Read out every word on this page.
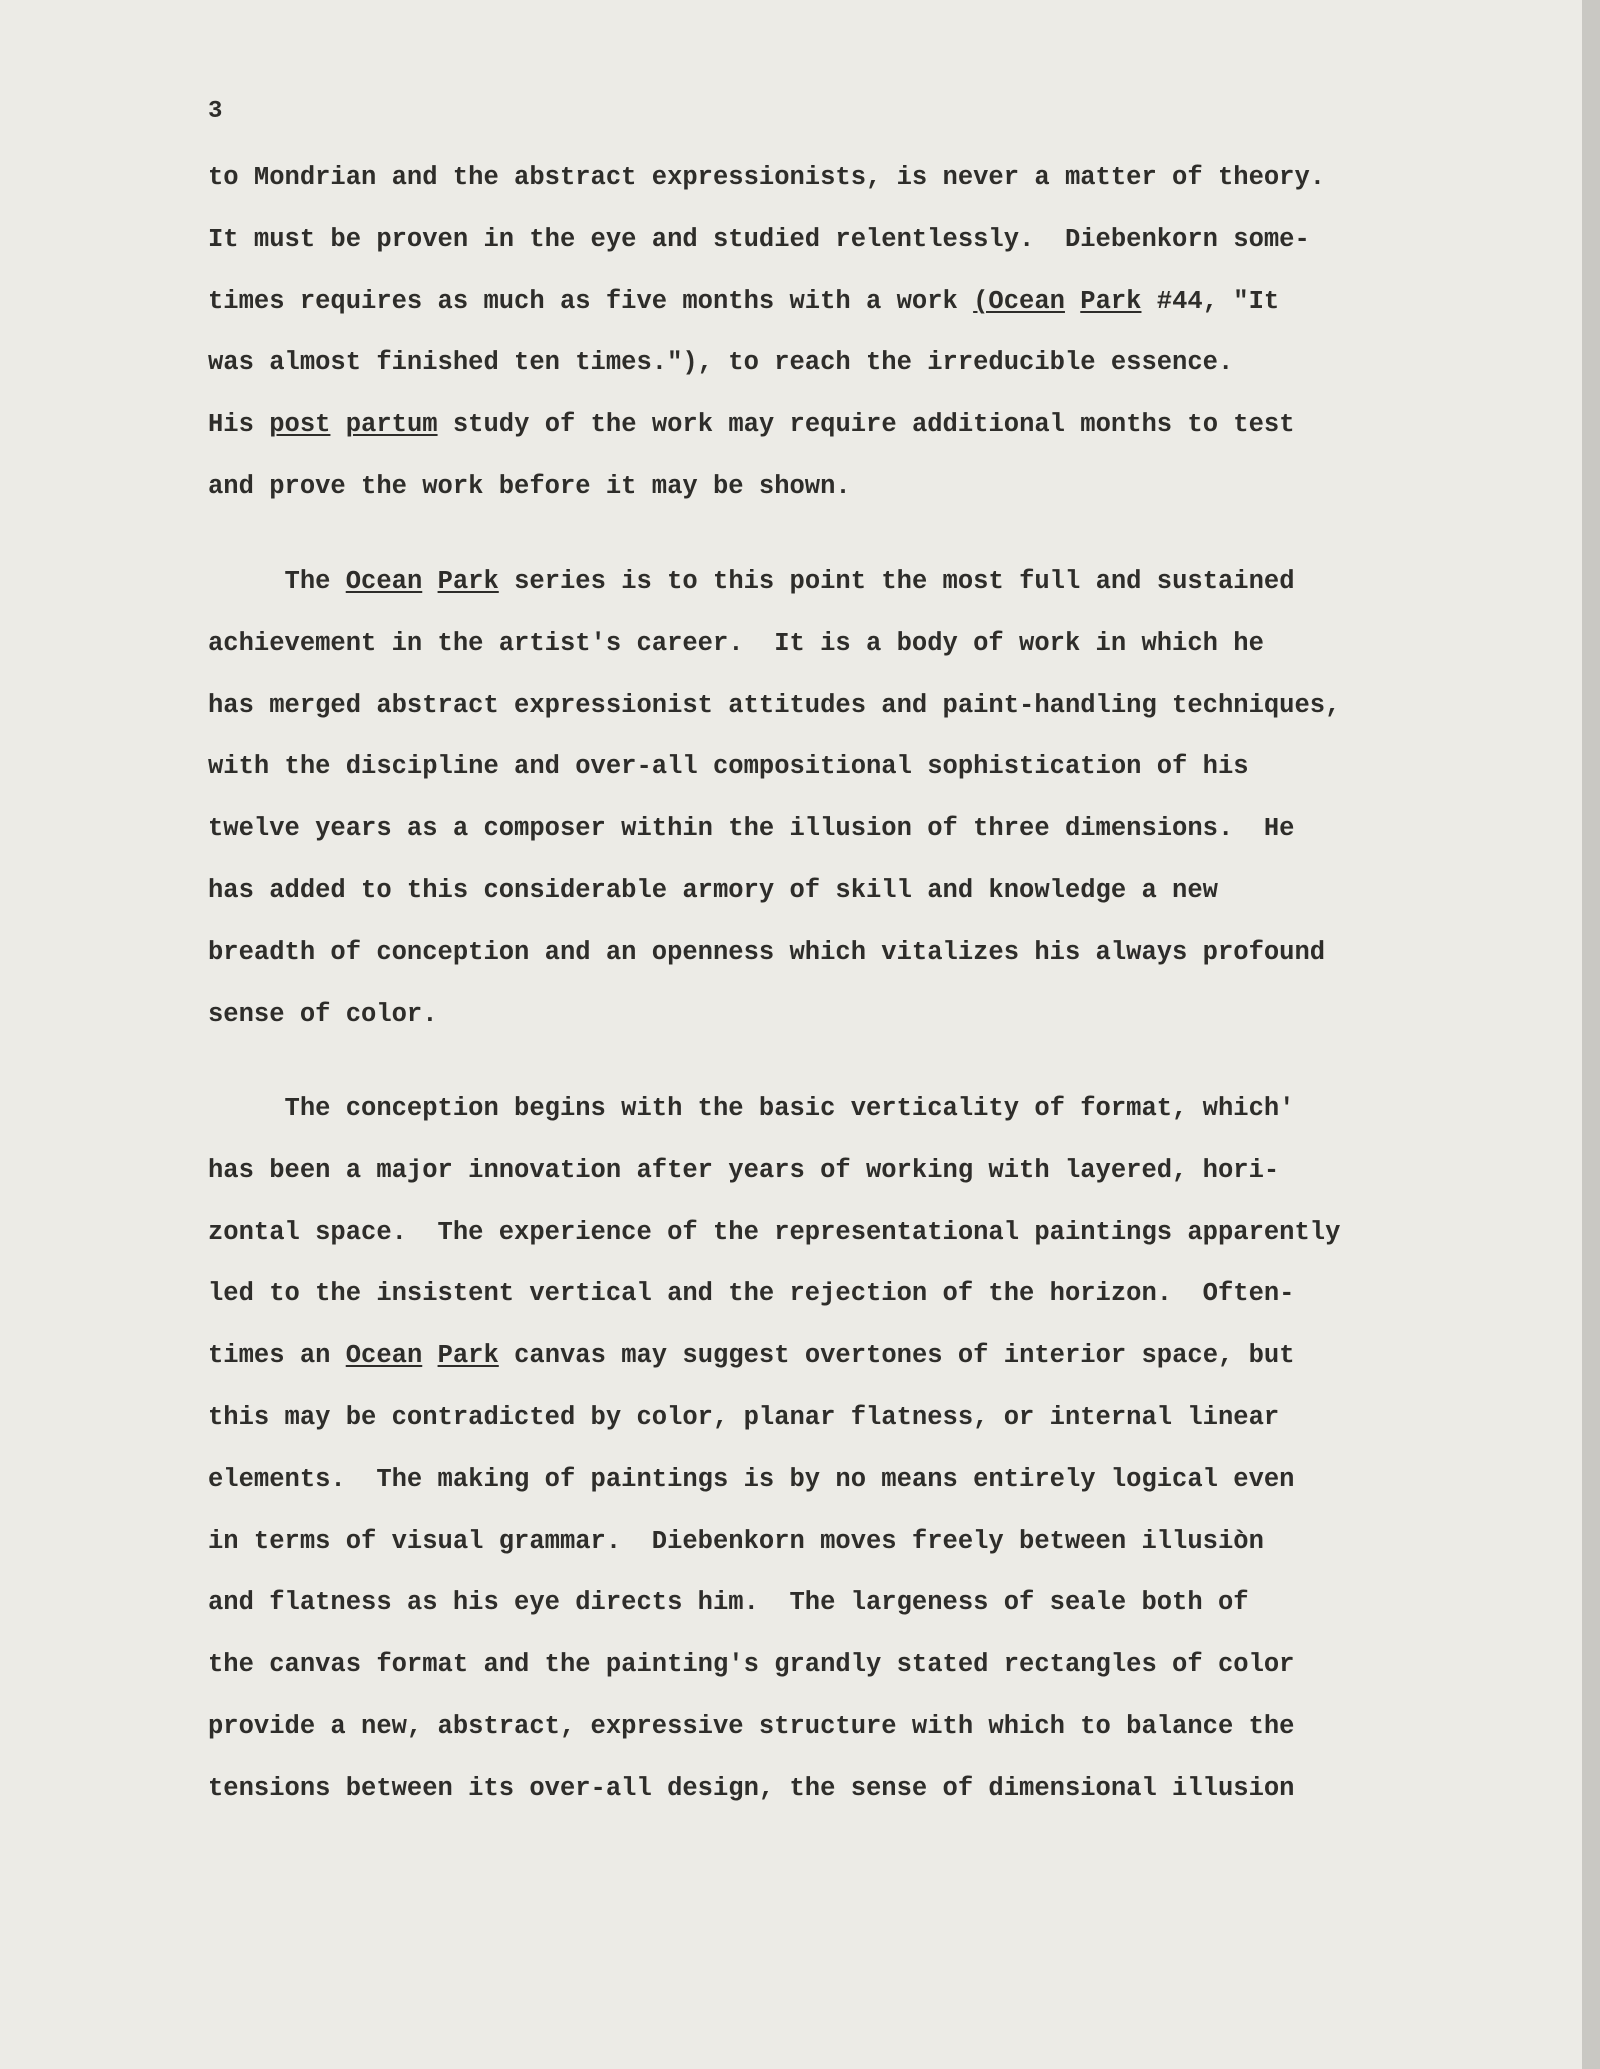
3
to Mondrian and the abstract expressionists, is never a matter of theory.
It must be proven in the eye and studied relentlessly.  Diebenkorn some-
times requires as much as five months with a work (Ocean Park #44, "It
was almost finished ten times."), to reach the irreducible essence.
His post partum study of the work may require additional months to test
and prove the work before it may be shown.
The Ocean Park series is to this point the most full and sustained
achievement in the artist's career.  It is a body of work in which he
has merged abstract expressionist attitudes and paint-handling techniques,
with the discipline and over-all compositional sophistication of his
twelve years as a composer within the illusion of three dimensions.  He
has added to this considerable armory of skill and knowledge a new
breadth of conception and an openness which vitalizes his always profound
sense of color.
The conception begins with the basic verticality of format, which'
has been a major innovation after years of working with layered, hori-
zontal space.  The experience of the representational paintings apparently
led to the insistent vertical and the rejection of the horizon.  Often-
times an Ocean Park canvas may suggest overtones of interior space, but
this may be contradicted by color, planar flatness, or internal linear
elements.  The making of paintings is by no means entirely logical even
in terms of visual grammar.  Diebenkorn moves freely between illusiòn
and flatness as his eye directs him.  The largeness of seale both of
the canvas format and the painting's grandly stated rectangles of color
provide a new, abstract, expressive structure with which to balance the
tensions between its over-all design, the sense of dimensional illusion
